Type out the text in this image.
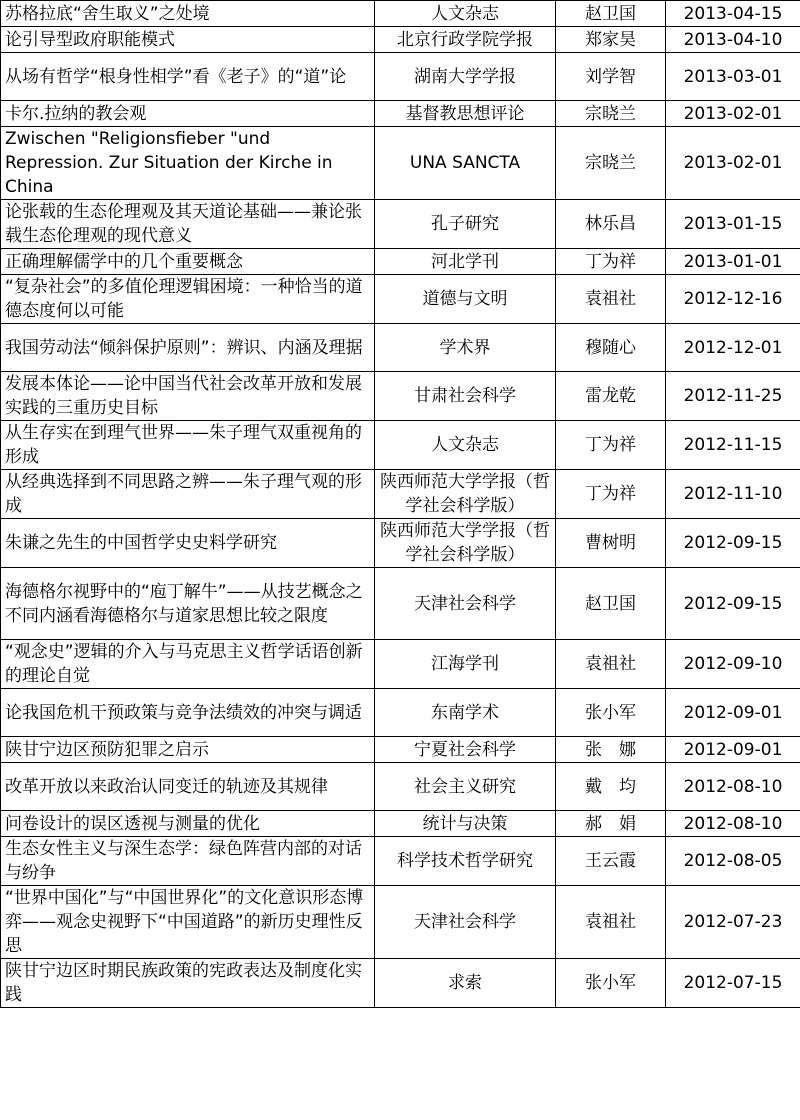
苏格拉底“舍生取义”之处境	人文杂志	赵卫国	2013-04-15
论引导型政府职能模式	北京行政学院学报	郑家昊	2013-04-10
从场有哲学“根身性相学”看《老子》的“道”论	湖南大学学报	刘学智	2013-03-01
卡尔.拉纳的教会观	基督教思想评论	宗晓兰	2013-02-01
Zwischen "Religionsfieber "und Repression. Zur Situation der Kirche in China	UNA SANCTA	宗晓兰	2013-02-01
论张载的生态伦理观及其天道论基础——兼论张载生态伦理观的现代意义	孔子研究	林乐昌	2013-01-15
正确理解儒学中的几个重要概念	河北学刊	丁为祥	2013-01-01
“复杂社会”的多值伦理逻辑困境：一种恰当的道德态度何以可能	道德与文明	袁祖社	2012-12-16
我国劳动法“倾斜保护原则”：辨识、内涵及理据	学术界	穆随心	2012-12-01
发展本体论——论中国当代社会改革开放和发展实践的三重历史目标	甘肃社会科学	雷龙乾	2012-11-25
从生存实在到理气世界——朱子理气双重视角的形成	人文杂志	丁为祥	2012-11-15
从经典选择到不同思路之辨——朱子理气观的形成	陕西师范大学学报（哲学社会科学版）	丁为祥	2012-11-10
朱谦之先生的中国哲学史史料学研究	陕西师范大学学报（哲学社会科学版）	曹树明	2012-09-15
海德格尔视野中的“庖丁解牛”——从技艺概念之不同内涵看海德格尔与道家思想比较之限度	天津社会科学	赵卫国	2012-09-15
“观念史”逻辑的介入与马克思主义哲学话语创新的理论自觉	江海学刊	袁祖社	2012-09-10
论我国危机干预政策与竞争法绩效的冲突与调适	东南学术	张小军	2012-09-01
陕甘宁边区预防犯罪之启示	宁夏社会科学	张　娜	2012-09-01
改革开放以来政治认同变迁的轨迹及其规律	社会主义研究	戴　均	2012-08-10
问卷设计的误区透视与测量的优化	统计与决策	郝　娟	2012-08-10
生态女性主义与深生态学：绿色阵营内部的对话与纷争	科学技术哲学研究	王云霞	2012-08-05
“世界中国化”与“中国世界化”的文化意识形态博弈——观念史视野下“中国道路”的新历史理性反思	天津社会科学	袁祖社	2012-07-23
陕甘宁边区时期民族政策的宪政表达及制度化实践	求索	张小军	2012-07-15
